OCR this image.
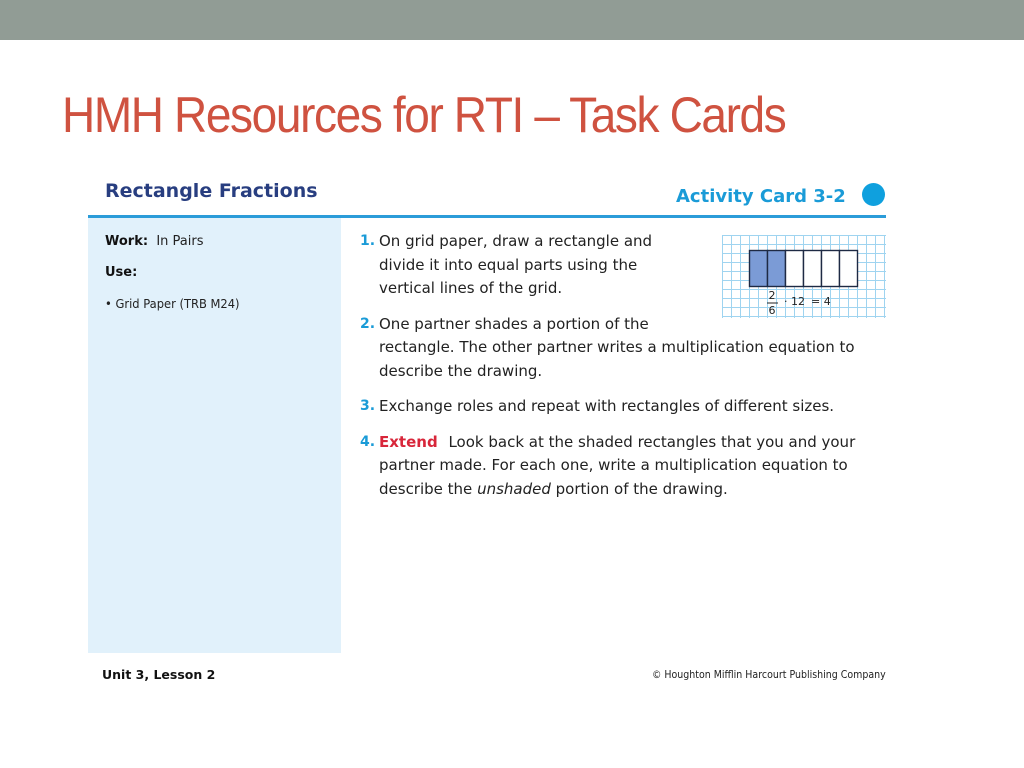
HMH Resources for RTI – Task Cards
Rectangle Fractions	Activity Card 3-2
Work: In Pairs
Use:
• Grid Paper (TRB M24)
1. On grid paper, draw a rectangle and divide it into equal parts using the vertical lines of the grid.
2. One partner shades a portion of the rectangle. The other partner writes a multiplication equation to describe the drawing.
3. Exchange roles and repeat with rectangles of different sizes.
4. Extend Look back at the shaded rectangles that you and your partner made. For each one, write a multiplication equation to describe the unshaded portion of the drawing.
2
6
· 12 = 4
Unit 3, Lesson 2	© Houghton Mifflin Harcourt Publishing Company
